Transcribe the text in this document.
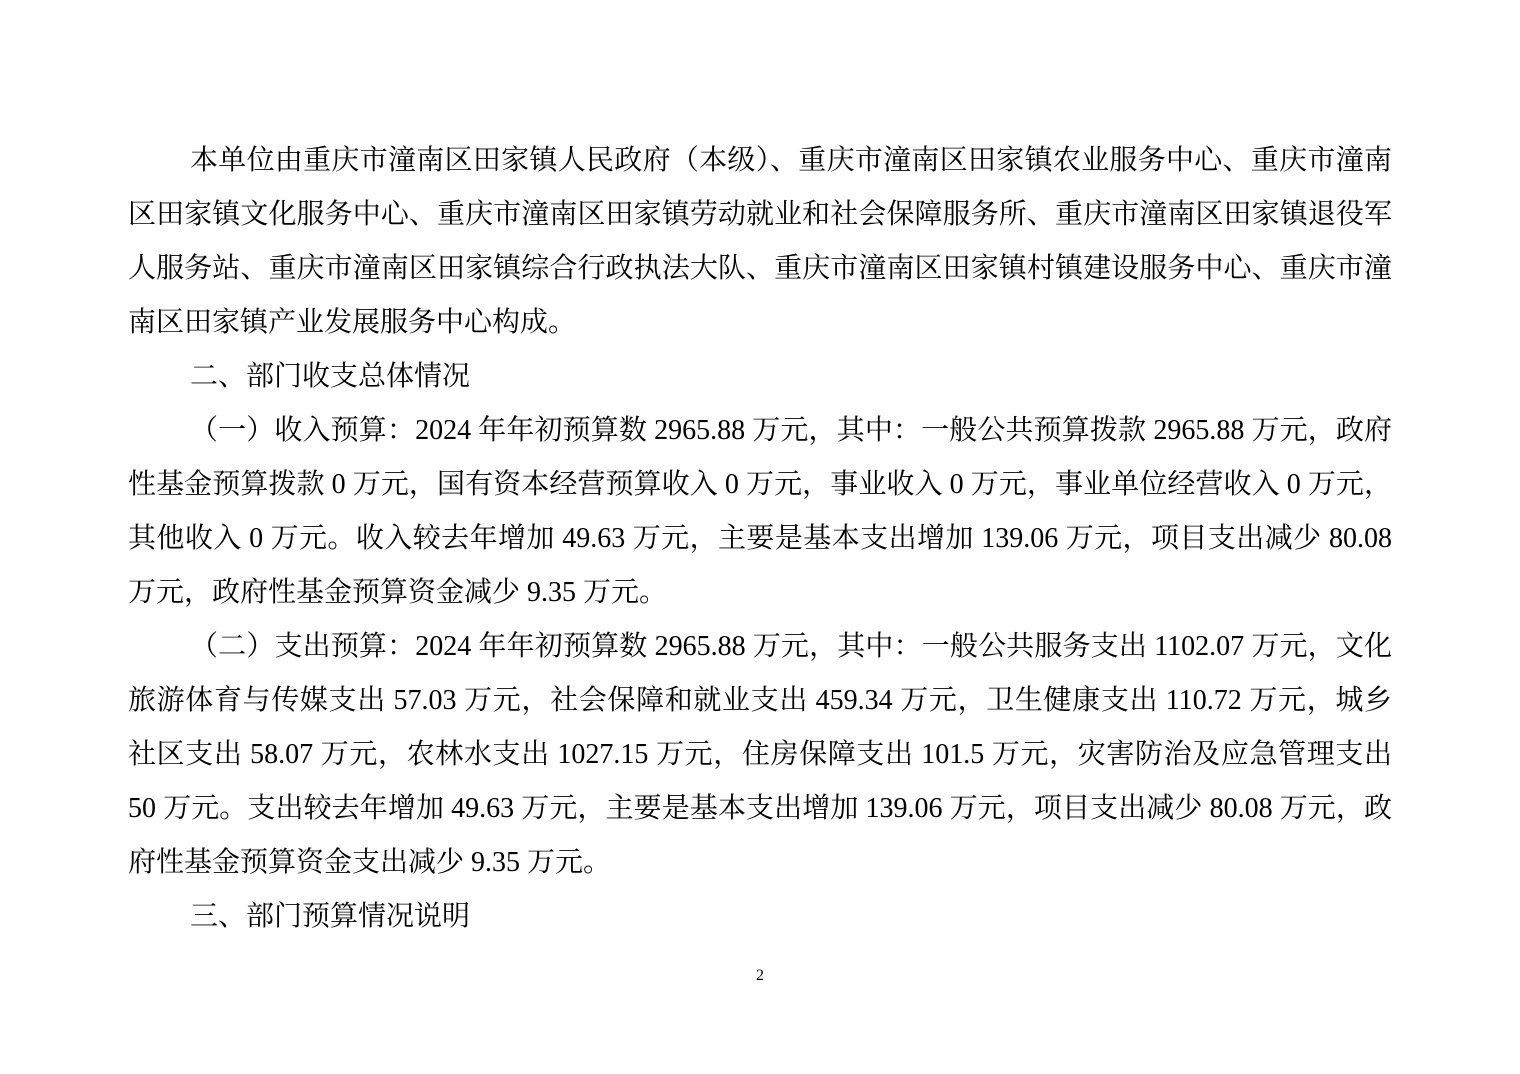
本单位由重庆市潼南区田家镇人民政府（本级）、重庆市潼南区田家镇农业服务中心、重庆市潼南区田家镇文化服务中心、重庆市潼南区田家镇劳动就业和社会保障服务所、重庆市潼南区田家镇退役军人服务站、重庆市潼南区田家镇综合行政执法大队、重庆市潼南区田家镇村镇建设服务中心、重庆市潼南区田家镇产业发展服务中心构成。

二、部门收支总体情况

（一）收入预算：2024 年年初预算数 2965.88 万元，其中：一般公共预算拨款 2965.88 万元，政府性基金预算拨款 0 万元，国有资本经营预算收入 0 万元，事业收入 0 万元，事业单位经营收入 0 万元，其他收入 0 万元。收入较去年增加 49.63 万元，主要是基本支出增加 139.06 万元，项目支出减少 80.08 万元，政府性基金预算资金减少 9.35 万元。

（二）支出预算：2024 年年初预算数 2965.88 万元，其中：一般公共服务支出 1102.07 万元，文化旅游体育与传媒支出 57.03 万元，社会保障和就业支出 459.34 万元，卫生健康支出 110.72 万元，城乡社区支出 58.07 万元，农林水支出 1027.15 万元，住房保障支出 101.5 万元，灾害防治及应急管理支出 50 万元。支出较去年增加 49.63 万元，主要是基本支出增加 139.06 万元，项目支出减少 80.08 万元，政府性基金预算资金支出减少 9.35 万元。

三、部门预算情况说明

2
